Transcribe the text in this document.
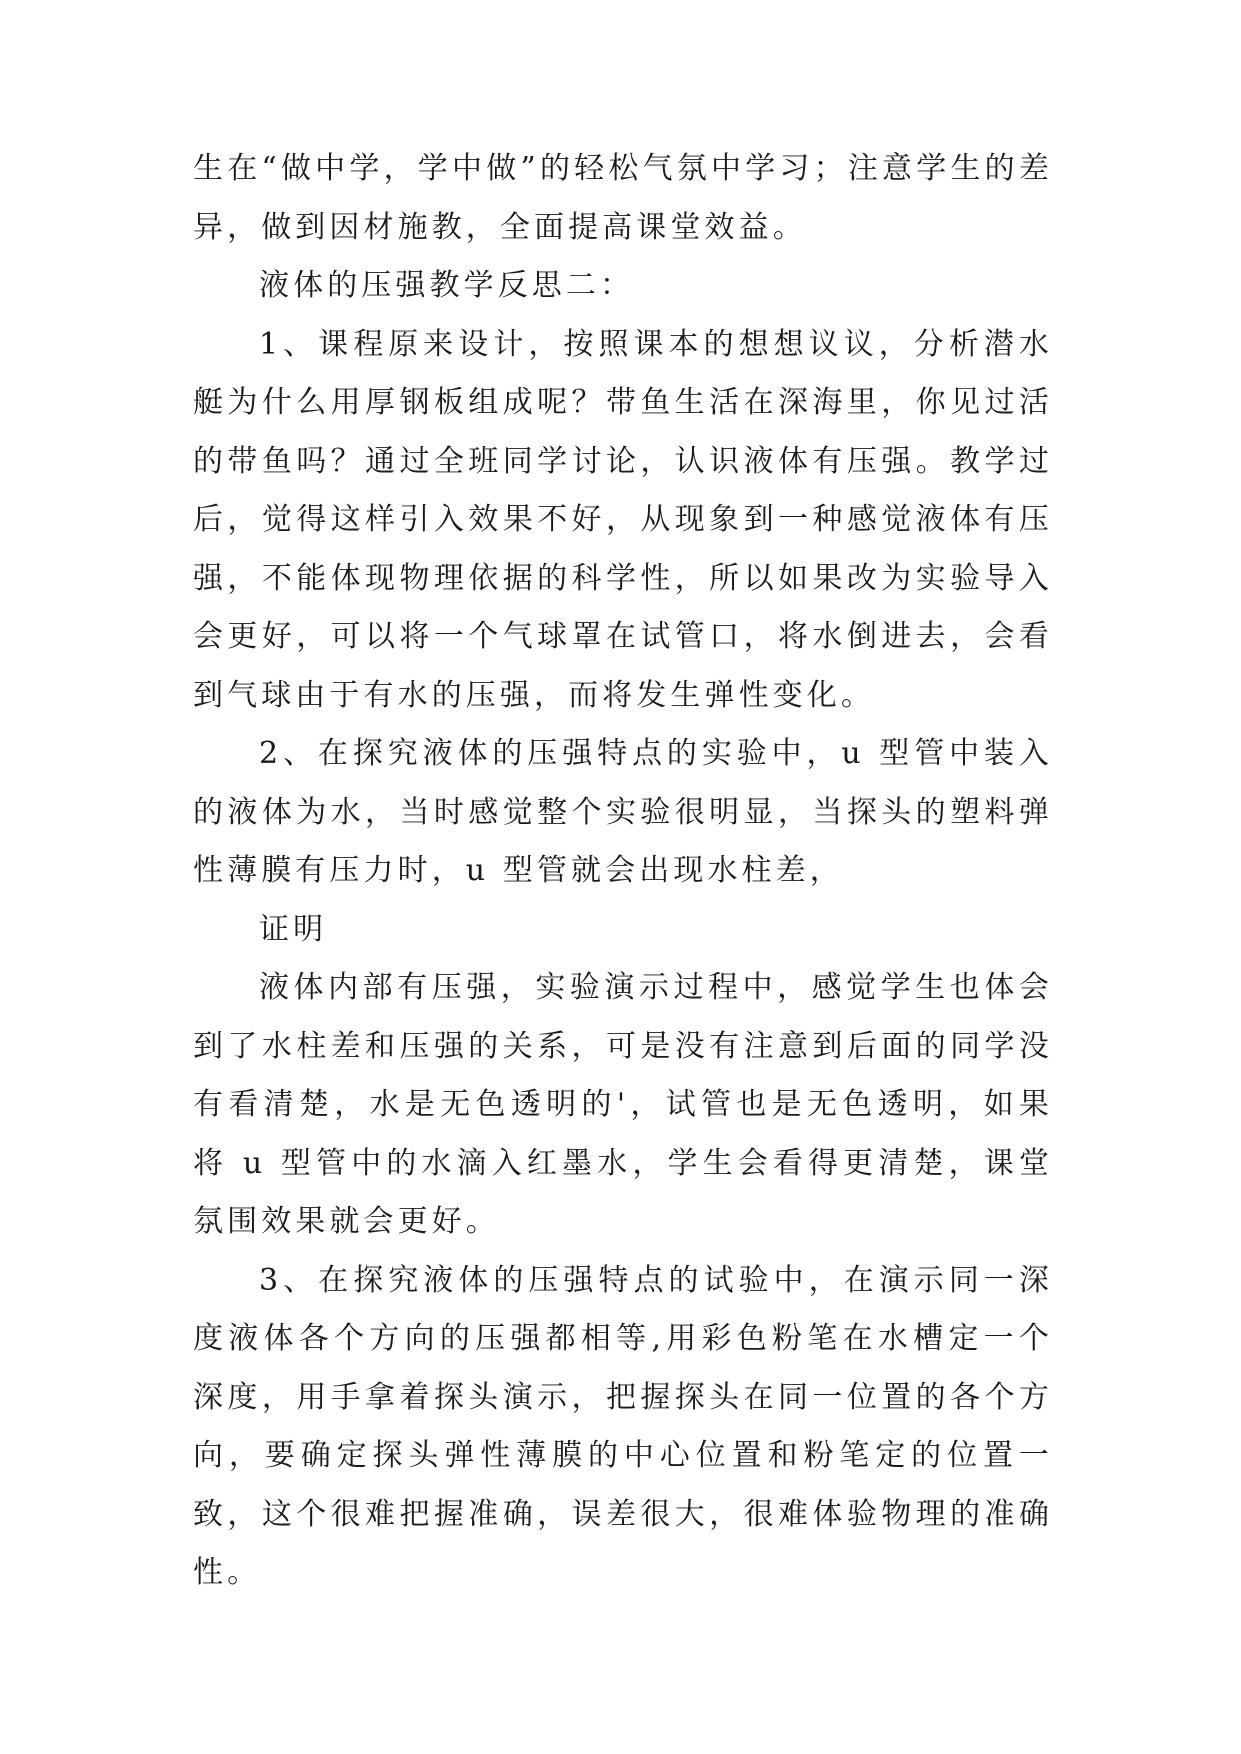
生在“做中学，学中做”的轻松气氛中学习；注意学生的差异，做到因材施教，全面提高课堂效益。

液体的压强教学反思二：

1、课程原来设计，按照课本的想想议议，分析潜水艇为什么用厚钢板组成呢？带鱼生活在深海里，你见过活的带鱼吗？通过全班同学讨论，认识液体有压强。教学过后，觉得这样引入效果不好，从现象到一种感觉液体有压强，不能体现物理依据的科学性，所以如果改为实验导入会更好，可以将一个气球罩在试管口，将水倒进去，会看到气球由于有水的压强，而将发生弹性变化。

2、在探究液体的压强特点的实验中，u 型管中装入的液体为水，当时感觉整个实验很明显，当探头的塑料弹性薄膜有压力时，u 型管就会出现水柱差，

证明

液体内部有压强，实验演示过程中，感觉学生也体会到了水柱差和压强的关系，可是没有注意到后面的同学没有看清楚，水是无色透明的'，试管也是无色透明，如果将 u 型管中的水滴入红墨水，学生会看得更清楚，课堂氛围效果就会更好。

3、在探究液体的压强特点的试验中，在演示同一深度液体各个方向的压强都相等,用彩色粉笔在水槽定一个深度，用手拿着探头演示，把握探头在同一位置的各个方向，要确定探头弹性薄膜的中心位置和粉笔定的位置一致，这个很难把握准确，误差很大，很难体验物理的准确性。
